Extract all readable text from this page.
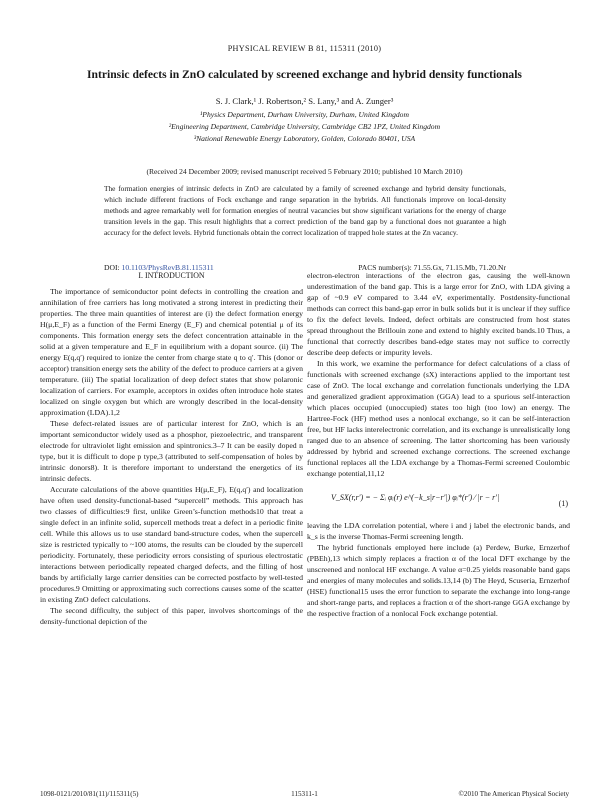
PHYSICAL REVIEW B 81, 115311 (2010)
Intrinsic defects in ZnO calculated by screened exchange and hybrid density functionals
S. J. Clark,¹ J. Robertson,² S. Lany,³ and A. Zunger³
¹Physics Department, Durham University, Durham, United Kingdom
²Engineering Department, Cambridge University, Cambridge CB2 1PZ, United Kingdom
³National Renewable Energy Laboratory, Golden, Colorado 80401, USA
(Received 24 December 2009; revised manuscript received 5 February 2010; published 10 March 2010)
The formation energies of intrinsic defects in ZnO are calculated by a family of screened exchange and hybrid density functionals, which include different fractions of Fock exchange and range separation in the hybrids. All functionals improve on local-density methods and agree remarkably well for formation energies of neutral vacancies but show significant variations for the energy of charge transition levels in the gap. This result highlights that a correct prediction of the band gap by a functional does not guarantee a high accuracy for the defect levels. Hybrid functionals obtain the correct localization of trapped hole states at the Zn vacancy.
DOI: 10.1103/PhysRevB.81.115311	PACS number(s): 71.55.Gx, 71.15.Mb, 71.20.Nr

I. INTRODUCTION

The importance of semiconductor point defects in controlling the creation and annihilation of free carriers has long motivated a strong interest in predicting their properties. The three main quantities of interest are (i) the defect formation energy H(μ,E_F) as a function of the Fermi Energy (E_F) and chemical potential μ of its components. This formation energy sets the defect concentration attainable in the solid at a given temperature and E_F in equilibrium with a dopant source. (ii) The energy E(q,q′) required to ionize the center from charge state q to q′. This (donor or acceptor) transition energy sets the ability of the defect to produce carriers at a given temperature. (iii) The spatial localization of deep defect states that show polaronic localization of carriers. For example, acceptors in oxides often introduce hole states localized on single oxygen but which are wrongly described in the local-density approximation (LDA).1,2

These defect-related issues are of particular interest for ZnO, which is an important semiconductor widely used as a phosphor, piezoelectric, and transparent electrode for ultraviolet light emission and spintronics.3–7 It can be easily doped n type, but it is difficult to dope p type,3 (attributed to self-compensation of holes by intrinsic donors8). It is therefore important to understand the energetics of its intrinsic defects.

Accurate calculations of the above quantities H(μ,E_F), E(q,q′) and localization have often used density-functional-based “supercell” methods. This approach has two classes of difficulties:9 first, unlike Green’s-function methods10 that treat a single defect in an infinite solid, supercell methods treat a defect in a periodic finite cell. While this allows us to use standard band-structure codes, when the supercell size is restricted typically to ~100 atoms, the results can be clouded by the supercell periodicity. Fortunately, these periodicity errors consisting of spurious electrostatic interactions between periodically repeated charged defects, and the filling of host bands by artificially large carrier densities can be corrected postfacto by well-tested procedures.9 Omitting or approximating such corrections causes some of the scatter in existing ZnO defect calculations.

The second difficulty, the subject of this paper, involves shortcomings of the density-functional depiction of the

electron-electron interactions of the electron gas, causing the well-known underestimation of the band gap. This is a large error for ZnO, with LDA giving a gap of ~0.9 eV compared to 3.44 eV, experimentally. Postdensity-functional methods can correct this band-gap error in bulk solids but it is unclear if they suffice to fix the defect levels. Indeed, defect orbitals are constructed from host states spread throughout the Brillouin zone and extend to highly excited bands.10 Thus, a functional that correctly describes band-edge states may not suffice to correctly describe deep defects or impurity levels.

In this work, we examine the performance for defect calculations of a class of functionals with screened exchange (sX) interactions applied to the important test case of ZnO. The local exchange and correlation functionals underlying the LDA and generalized gradient approximation (GGA) lead to a spurious self-interaction which places occupied (unoccupied) states too high (too low) an energy. The Hartree-Fock (HF) method uses a nonlocal exchange, so it can be self-interaction free, but HF lacks interelectronic correlation, and its exchange is unrealistically long ranged due to an absence of screening. The latter shortcoming has been variously addressed by hybrid and screened exchange corrections. The screened exchange functional replaces all the LDA exchange by a Thomas-Fermi screened Coulombic exchange potential,11,12

V_SX(r,r′) = − Σᵢ φᵢ(r) e^(−k_s|r−r′|) φᵢ*(r′) ⁄ |r − r′|
(1)

leaving the LDA correlation potential, where i and j label the electronic bands, and k_s is the inverse Thomas-Fermi screening length.

The hybrid functionals employed here include (a) Perdew, Burke, Ernzerhof (PBEh),13 which simply replaces a fraction α of the local DFT exchange by the unscreened and nonlocal HF exchange. A value α=0.25 yields reasonable band gaps and energies of many molecules and solids.13,14 (b) The Heyd, Scuseria, Ernzerhof (HSE) functional15 uses the error function to separate the exchange into long-range and short-range parts, and replaces a fraction α of the short-range GGA exchange by the respective fraction of a nonlocal Fock exchange potential.

1098-0121/2010/81(11)/115311(5)	115311-1	©2010 The American Physical Society
